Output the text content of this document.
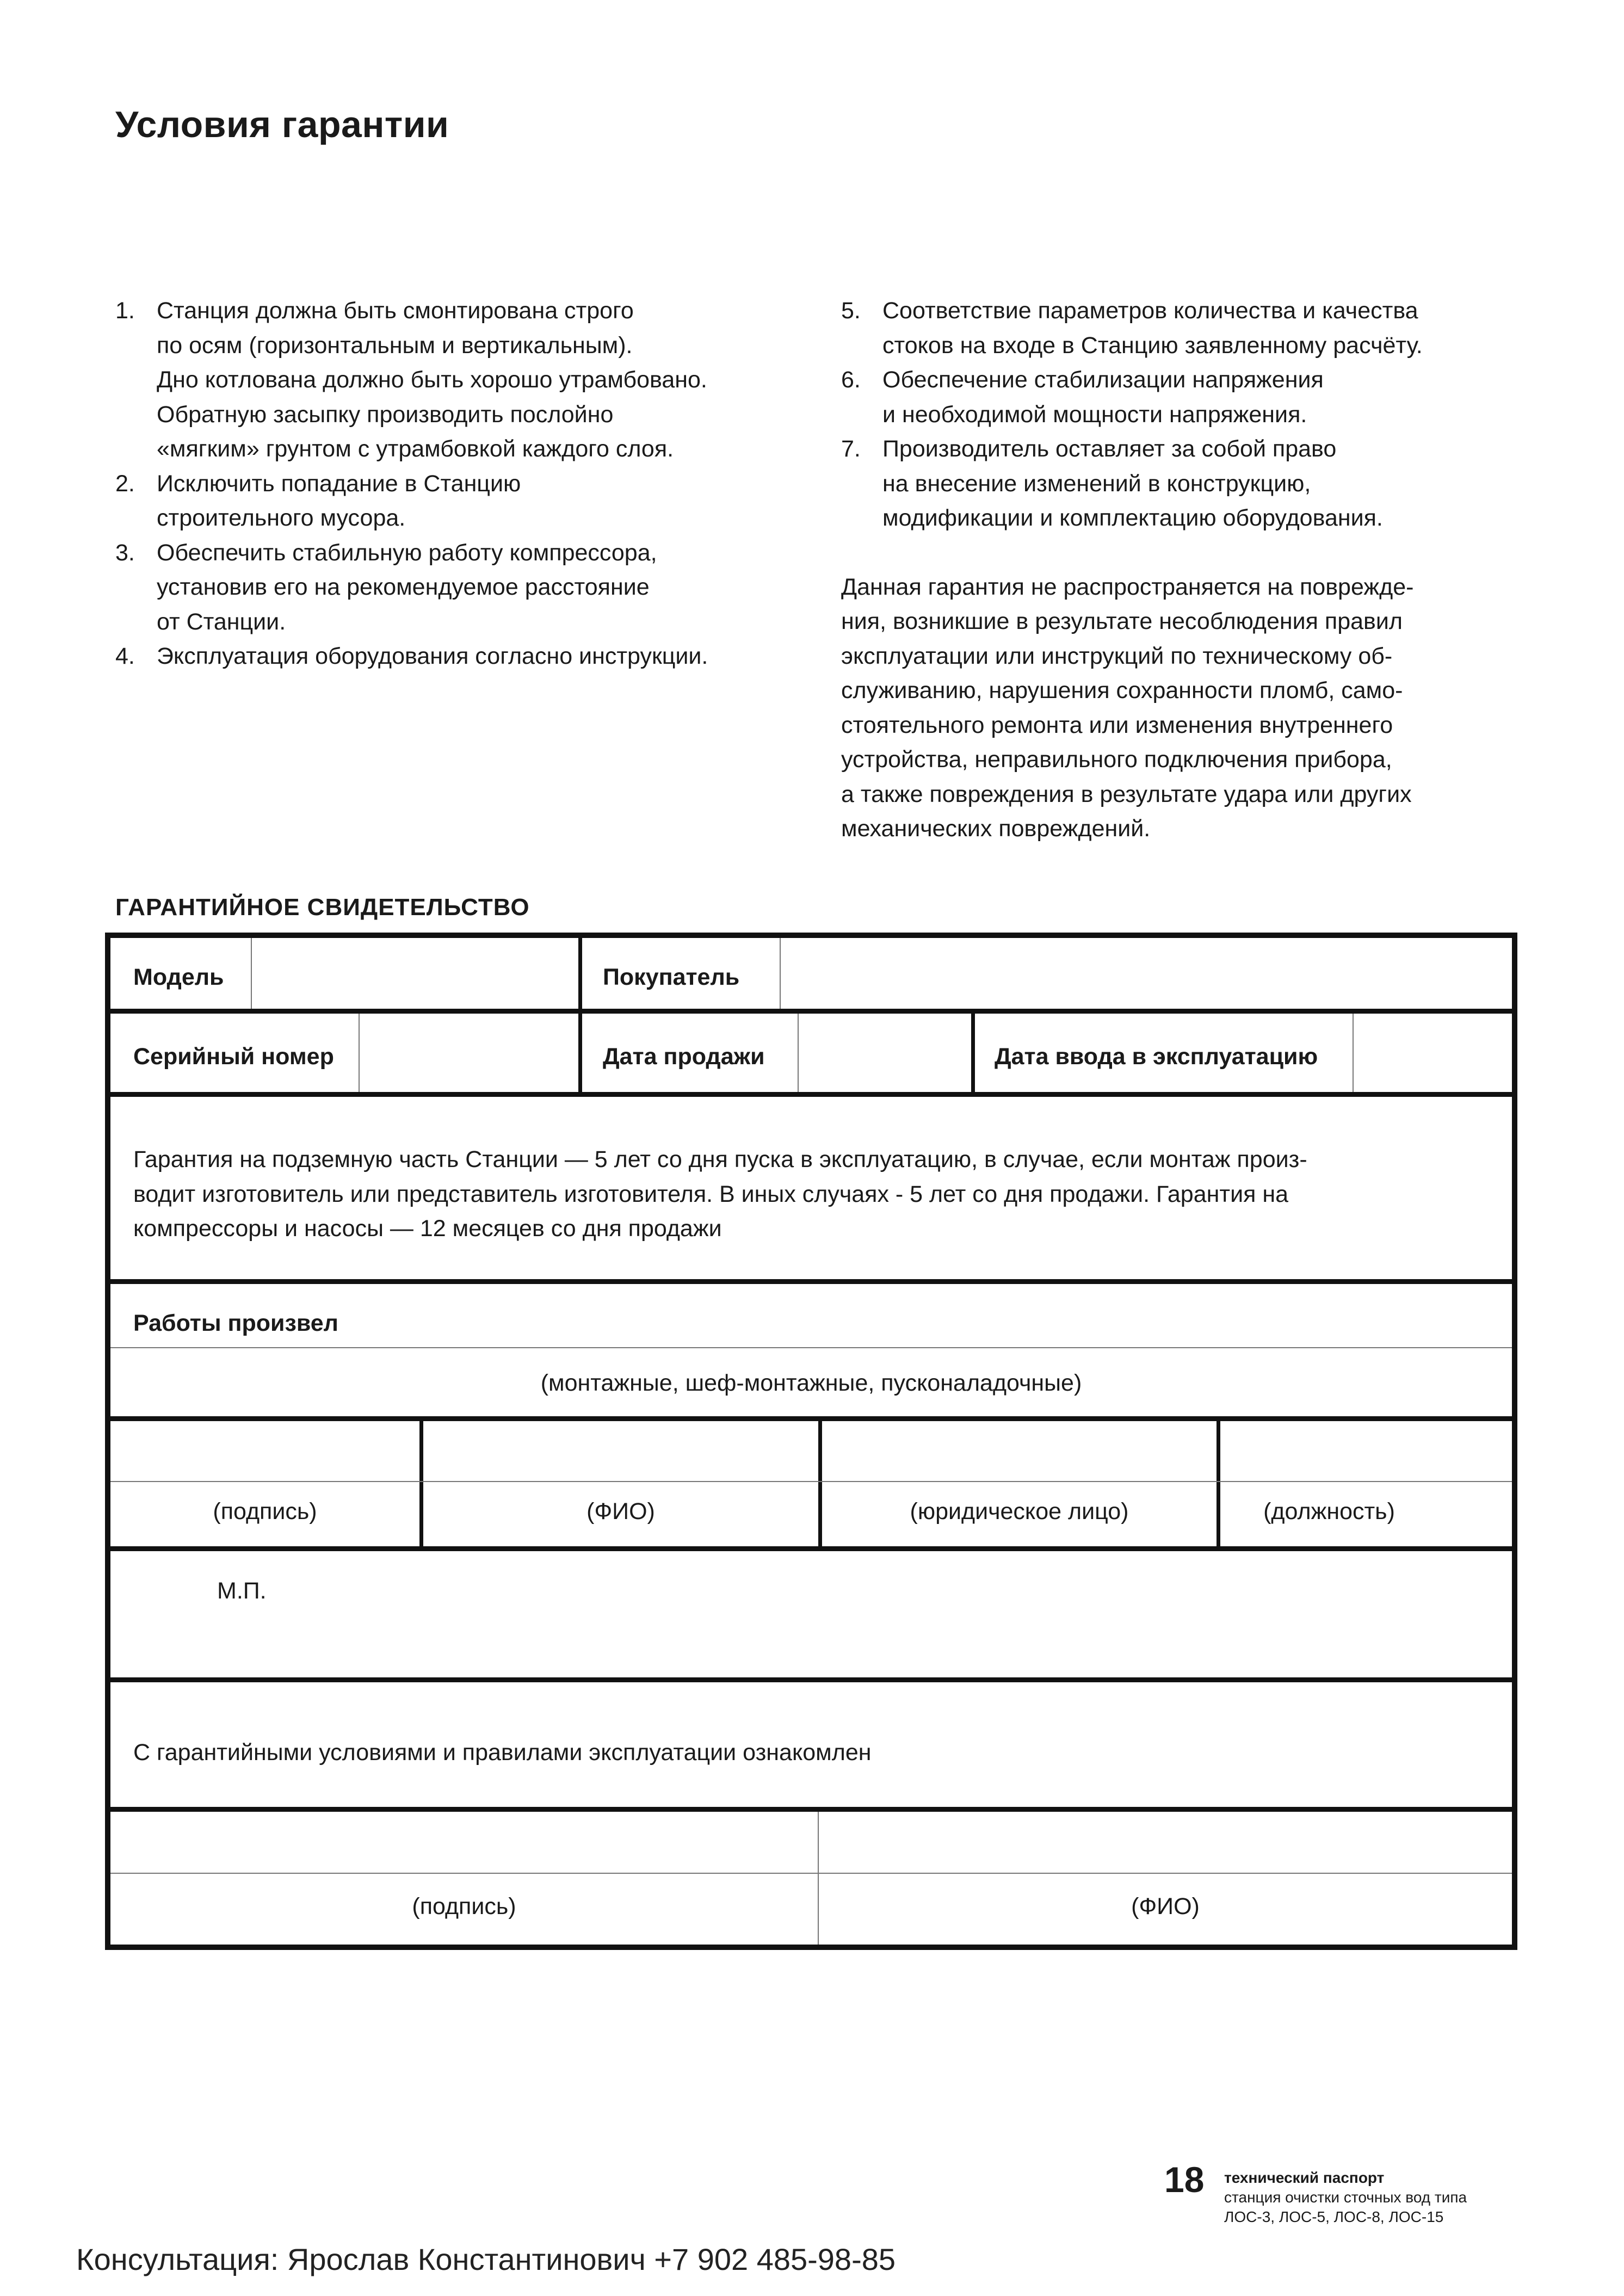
Условия гарантии
1. Станция должна быть смонтирована строго
по осям (горизонтальным и вертикальным).
Дно котлована должно быть хорошо утрамбовано.
Обратную засыпку производить послойно
«мягким» грунтом с утрамбовкой каждого слоя.
2. Исключить попадание в Станцию
строительного мусора.
3. Обеспечить стабильную работу компрессора,
установив его на рекомендуемое расстояние
от Станции.
4. Эксплуатация оборудования согласно инструкции.
5. Соответствие параметров количества и качества
стоков на входе в Станцию заявленному расчёту.
6. Обеспечение стабилизации напряжения
и необходимой мощности напряжения.
7. Производитель оставляет за собой право
на внесение изменений в конструкцию,
модификации и комплектацию оборудования.
Данная гарантия не распространяется на поврежде-
ния, возникшие в результате несоблюдения правил
эксплуатации или инструкций по техническому об-
служиванию, нарушения сохранности пломб, само-
стоятельного ремонта или изменения внутреннего
устройства, неправильного подключения прибора,
а также повреждения в результате удара или других
механических повреждений.
ГАРАНТИЙНОЕ СВИДЕТЕЛЬСТВО
Модель	Покупатель
Серийный номер	Дата продажи	Дата ввода в эксплуатацию
Гарантия на подземную часть Станции — 5 лет со дня пуска в эксплуатацию, в случае, если монтаж произ-
водит изготовитель или представитель изготовителя. В иных случаях - 5 лет со дня продажи. Гарантия на
компрессоры и насосы — 12 месяцев со дня продажи
Работы произвел
(монтажные, шеф-монтажные, пусконаладочные)
(подпись)	(ФИО)	(юридическое лицо)	(должность)
М.П.
С гарантийными условиями и правилами эксплуатации ознакомлен
(подпись)	(ФИО)
18 технический паспорт
станция очистки сточных вод типа
ЛОС-3, ЛОС-5, ЛОС-8, ЛОС-15
Консультация: Ярослав Константинович +7 902 485-98-85
